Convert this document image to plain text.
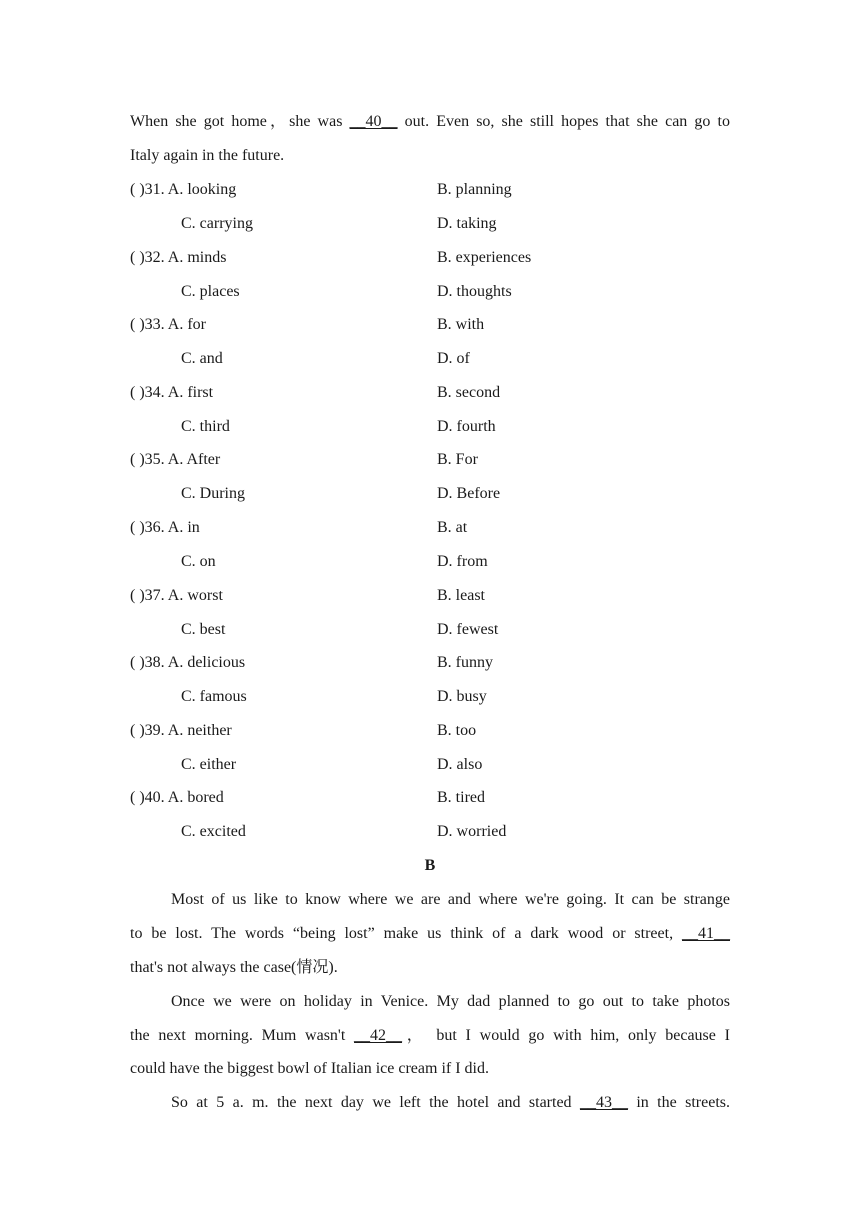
When she got home，she was __40__ out. Even so, she still hopes that she can go to
Italy again in the future.
( )31. A. looking	B. planning
C. carrying	D. taking
( )32. A. minds	B. experiences
C. places	D. thoughts
( )33. A. for	B. with
C. and	D. of
( )34. A. first	B. second
C. third	D. fourth
( )35. A. After	B. For
C. During	D. Before
( )36. A. in	B. at
C. on	D. from
( )37. A. worst	B. least
C. best	D. fewest
( )38. A. delicious	B. funny
C. famous	D. busy
( )39. A. neither	B. too
C. either	D. also
( )40. A. bored	B. tired
C. excited	D. worried
B
Most of us like to know where we are and where we're going. It can be strange
to be lost. The words “being lost” make us think of a dark wood or street, __41__
that's not always the case(情况).
Once we were on holiday in Venice. My dad planned to go out to take photos
the next morning. Mum wasn't __42__， but I would go with him, only because I
could have the biggest bowl of Italian ice cream if I did.
So at 5 a. m. the next day we left the hotel and started __43__ in the streets.
